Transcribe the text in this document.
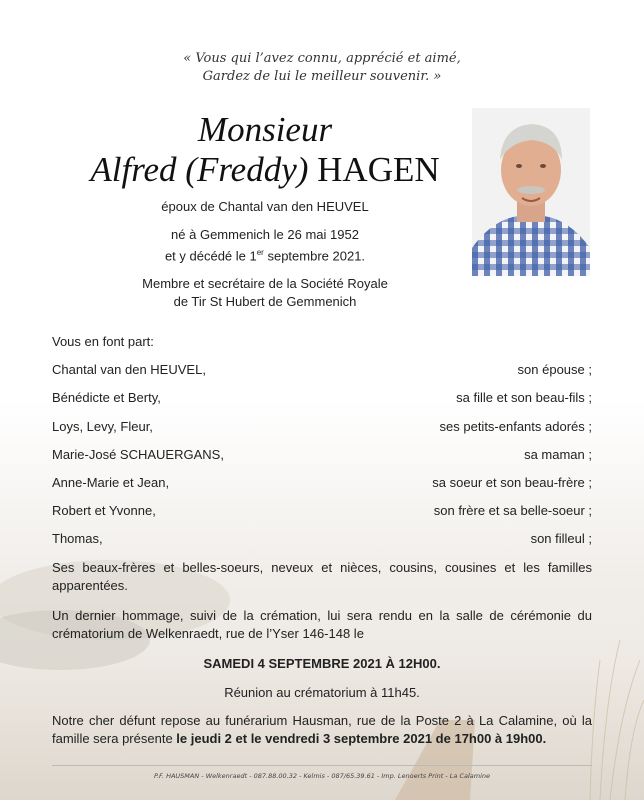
« Vous qui l’avez connu, apprécié et aimé,
Gardez de lui le meilleur souvenir. »
Monsieur
Alfred (Freddy) HAGEN
époux de Chantal van den HEUVEL
né à Gemmenich le 26 mai 1952
et y décédé le 1er septembre 2021.
Membre et secrétaire de la Société Royale
de Tir St Hubert de Gemmenich
Vous en font part:
Chantal van den HEUVEL,	son épouse ;
Bénédicte et Berty,	sa fille et son beau-fils ;
Loys, Levy, Fleur,	ses petits-enfants adorés ;
Marie-José SCHAUERGANS,	sa maman ;
Anne-Marie et Jean,	sa soeur et son beau-frère ;
Robert et Yvonne,	son frère et sa belle-soeur ;
Thomas,	son filleul ;
Ses beaux-frères et belles-soeurs, neveux et nièces, cousins, cousines et les familles apparentées.
Un dernier hommage, suivi de la crémation, lui sera rendu en la salle de cérémonie du crématorium de Welkenraedt, rue de l’Yser 146-148 le
SAMEDI 4 SEPTEMBRE 2021 À 12H00.
Réunion au crématorium à 11h45.
Notre cher défunt repose au funérarium Hausman, rue de la Poste 2 à La Calamine, où la famille sera présente le jeudi 2 et le vendredi 3 septembre 2021 de 17h00 à 19h00.
P.F. HAUSMAN - Welkenraedt - 087.88.00.32 - Kelmis - 087/65.39.61 - Imp. Lenoerts Print - La Calamine
